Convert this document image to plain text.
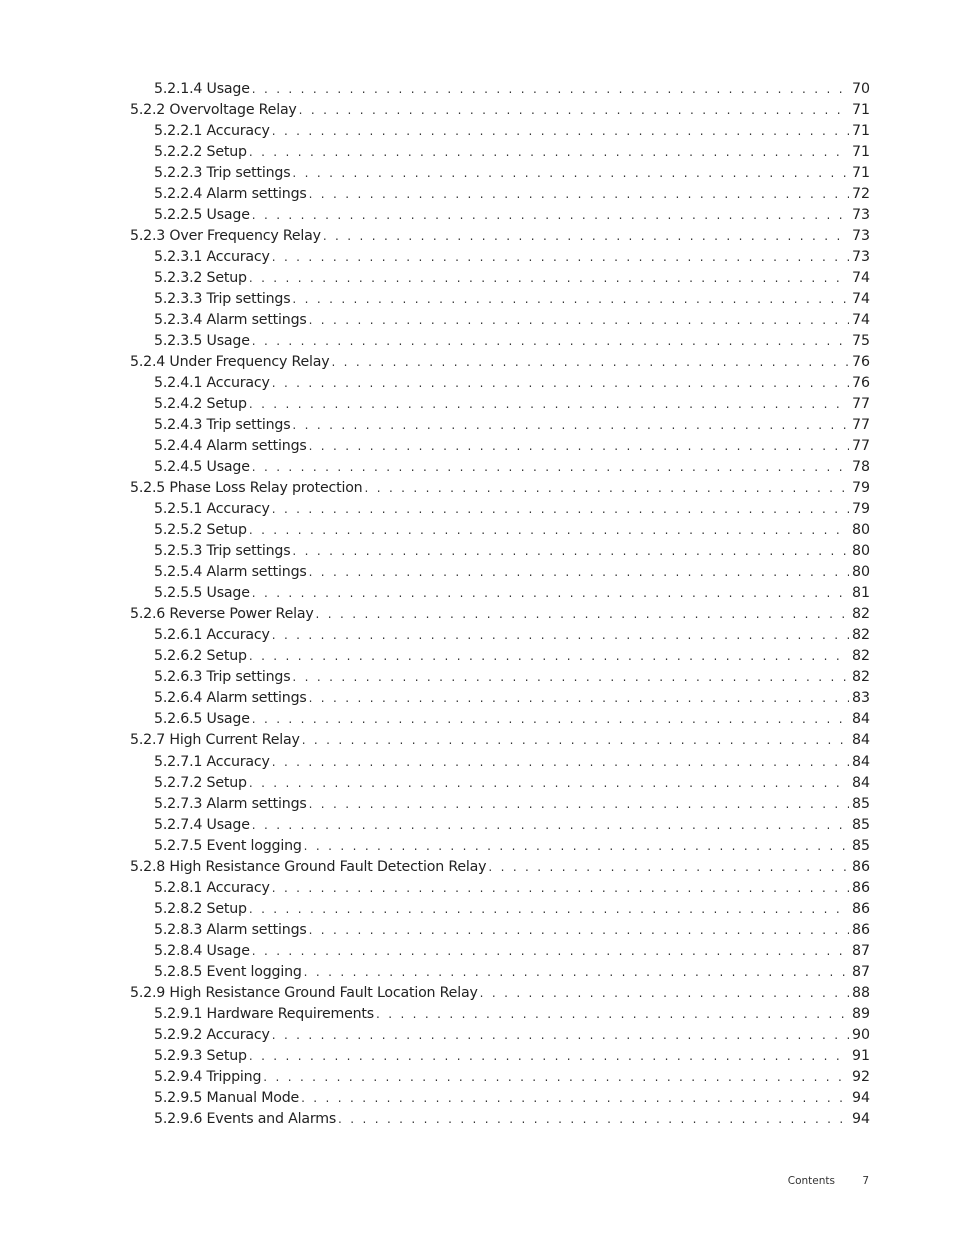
5.2.1.4 Usage . . .	70
5.2.2 Overvoltage Relay . . .	71
5.2.2.1 Accuracy . . .	71
5.2.2.2 Setup . . .	71
5.2.2.3 Trip settings . . .	71
5.2.2.4 Alarm settings . . .	72
5.2.2.5 Usage . . .	73
5.2.3 Over Frequency Relay . . .	73
5.2.3.1 Accuracy . . .	73
5.2.3.2 Setup . . .	74
5.2.3.3 Trip settings . . .	74
5.2.3.4 Alarm settings . . .	74
5.2.3.5 Usage . . .	75
5.2.4 Under Frequency Relay . . .	76
5.2.4.1 Accuracy . . .	76
5.2.4.2 Setup . . .	77
5.2.4.3 Trip settings . . .	77
5.2.4.4 Alarm settings . . .	77
5.2.4.5 Usage . . .	78
5.2.5 Phase Loss Relay protection . . .	79
5.2.5.1 Accuracy . . .	79
5.2.5.2 Setup . . .	80
5.2.5.3 Trip settings . . .	80
5.2.5.4 Alarm settings . . .	80
5.2.5.5 Usage . . .	81
5.2.6 Reverse Power Relay . . .	82
5.2.6.1 Accuracy . . .	82
5.2.6.2 Setup . . .	82
5.2.6.3 Trip settings . . .	82
5.2.6.4 Alarm settings . . .	83
5.2.6.5 Usage . . .	84
5.2.7 High Current Relay . . .	84
5.2.7.1 Accuracy . . .	84
5.2.7.2 Setup . . .	84
5.2.7.3 Alarm settings . . .	85
5.2.7.4 Usage . . .	85
5.2.7.5 Event logging . . .	85
5.2.8 High Resistance Ground Fault Detection Relay . . .	86
5.2.8.1 Accuracy . . .	86
5.2.8.2 Setup . . .	86
5.2.8.3 Alarm settings . . .	86
5.2.8.4 Usage . . .	87
5.2.8.5 Event logging . . .	87
5.2.9 High Resistance Ground Fault Location Relay . . .	88
5.2.9.1 Hardware Requirements . . .	89
5.2.9.2 Accuracy . . .	90
5.2.9.3 Setup . . .	91
5.2.9.4 Tripping . . .	92
5.2.9.5 Manual Mode . . .	94
5.2.9.6 Events and Alarms . . .	94
Contents	7
